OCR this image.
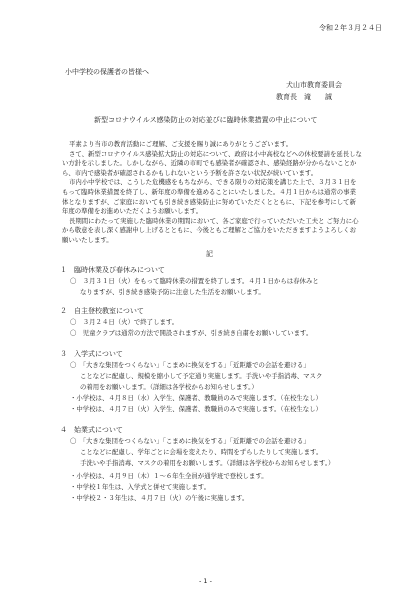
令和２年３月２４日
小中学校の保護者の皆様へ
犬山市教育委員会
教育長　滝　　誠
新型コロナウイルス感染防止の対応並びに臨時休業措置の中止について

平素より当市の教育活動にご理解、ご支援を賜り誠にありがとうございます。

さて、新型コロナウイルス感染拡大防止の対応について、政府は小中高校などへの休校要請を延長しない方針を示しました。しかしながら、近隣の市町でも感染者が確認され、感染経路が分からないことから、市内で感染者が確認されるかもしれないという予断を許さない状況が続いています。

市内小中学校では、こうした危機感をもちながら、できる限りの対応策を講じた上で、３月３１日をもって臨時休業措置を終了し、新年度の準備を進めることにいたしました。４月１日からは通常の事業体となりますが、ご家庭においても引き続き感染防止に努めていただくとともに、下記を参考にして新年度の準備をお進めいただくようお願いします。

長期間にわたって実施した臨時休業の期間において、各ご家庭で行っていただいた工夫と ご努力に心から敬意を表し深く感謝申し上げるとともに、今後ともご理解とご協力をいただきますようよろしくお願いいたします。

記
１　臨時休業及び春休みについて
〇　３月３１日（火）をもって臨時休業の措置を終了します。４月１日からは春休みと
なりますが、引き続き感染予防に注意した生活をお願いします。
２　自主登校教室について
〇　３月２４日（火）で終了します。
〇　児童クラブは通常の方法で開設されますが、引き続き自粛をお願いしています。
３　入学式について
〇　「大きな集団をつくらない」「こまめに換気をする」「近距離での会話を避ける」
ことなどに配慮し、規模を縮小して予定通り実施します。手洗いや手指消毒、マスク
の着用をお願いします。（詳細は各学校からお知らせします。）
・小学校は、４月８日（水）入学生、保護者、教職員のみで実施します。（在校生なし）
・中学校は、４月７日（火）入学生、保護者、教職員のみで実施します。（在校生なし）
４　始業式について
〇　「大きな集団をつくらない」「こまめに換気をする」「近距離での会話を避ける」
ことなどに配慮し、学年ごとに会場を変えたり、時間をずらしたりして実施します。
手洗いや手指消毒、マスクの着用をお願いします。（詳細は各学校からお知らせします。）
・小学校は、４月９日（木）１～６年生全員が通学班で登校します。
・中学校１年生は、入学式と併せて実施します。
・中学校２・３年生は、４月７日（火）の午後に実施します。
- 1 -
